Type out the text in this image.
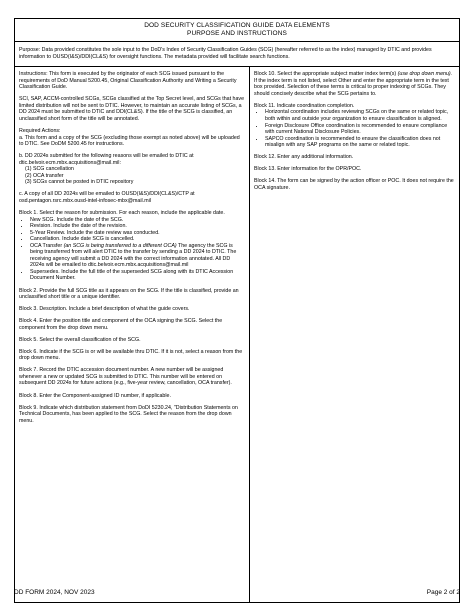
DOD SECURITY CLASSIFICATION GUIDE DATA ELEMENTS
PURPOSE AND INSTRUCTIONS
Purpose: Data provided constitutes the sole input to the DoD's Index of Security Classification Guides (SCG) (hereafter referred to as the index) managed by DTIC and provides information to OUSD(I&S)/DDI(CL&S) for oversight functions. The metadata provided will facilitate search functions.

Instructions: This form is executed by the originator of each SCG issued pursuant to the requirements of DoD Manual 5200.45, Original Classification Authority and Writing a Security Classification Guide.

SCI, SAP, ACCM-controlled SCGs, SCGs classified at the Top Secret level, and SCGs that have limited distribution will not be sent to DTIC. However, to maintain an accurate listing of SCGs, a DD 2024 must be submitted to DTIC and DDI(CL&S). If the title of the SCG is classified, an unclassified short form of the title will be annotated.

Required Actions:
a. This form and a copy of the SCG (excluding those exempt as noted above) will be uploaded to DTIC. See DoDM 5200.45 for instructions.

b. DD 2024s submitted for the following reasons will be emailed to DTIC at dtic.belvoir.ecm.mbx.acquisitions@mail.mil:
(1) SCG cancellation
(2) OCA transfer
(3) SCGs cannot be posted in DTIC repository

c. A copy of all DD 2024s will be emailed to OUSD(I&S)/DDI(CL&S)/CTP at osd.pentagon.rsrc.mbx.ousd-intel-infosec-mbx@mail.mil

Block 1. Select the reason for submission. For each reason, include the applicable date.

• New SCG. Include the date of the SCG.
• Revision. Include the date of the revision.
• 5-Year Review. Include the date review was conducted.
• Cancellation. Include date SCG is cancelled.
• OCA Transfer (an SCG is being transferred to a different OCA) The agency the SCG is being transferred from will alert DTIC to the transfer by sending a DD 2024 to DTIC. The receiving agency will submit a DD 2024 with the correct information annotated. All DD 2024s will be emailed to dtic.belvoir.ecm.mbx.acquisitions@mail.mil
• Supersedes. Include the full title of the superseded SCG along with its DTIC Accession Document Number.

Block 2. Provide the full SCG title as it appears on the SCG. If the title is classified, provide an unclassified short title or a unique identifier.

Block 3. Description. Include a brief description of what the guide covers.

Block 4. Enter the position title and component of the OCA signing the SCG. Select the component from the drop down menu.

Block 5. Select the overall classification of the SCG.

Block 6. Indicate if the SCG is or will be available thru DTIC. If it is not, select a reason from the drop down menu.

Block 7. Record the DTIC accession document number. A new number will be assigned whenever a new or updated SCG is submitted to DTIC. This number will be entered on subsequent DD 2024s for future actions (e.g., five-year review, cancellation, OCA transfer).

Block 8. Enter the Component-assigned ID number, if applicable.

Block 9. Indicate which distribution statement from DoDI 5230.24, "Distribution Statements on Technical Documents, has been applied to the SCG. Select the reason from the drop down menu.

Block 10. Select the appropriate subject matter index term(s) (use drop down menu). If the index term is not listed, select Other and enter the appropriate term in the text box provided. Selection of these terms is critical to proper indexing of SCGs. They should concisely describe what the SCG pertains to.

Block 11. Indicate coordination completion.

• Horizontal coordination includes reviewing SCGs on the same or related topic, both within and outside your organization to ensure classification is aligned.
• Foreign Disclosure Office coordination is recommended to ensure compliance with current National Disclosure Policies.
• SAPCO coordination is recommended to ensure the classification does not misalign with any SAP programs on the same or related topic.

Block 12. Enter any additional information.

Block 13. Enter information for the OPR/POC.

Block 14. The form can be signed by the action officer or POC. It does not require the OCA signature.

DD FORM 2024, NOV 2023	Page 2 of 2
